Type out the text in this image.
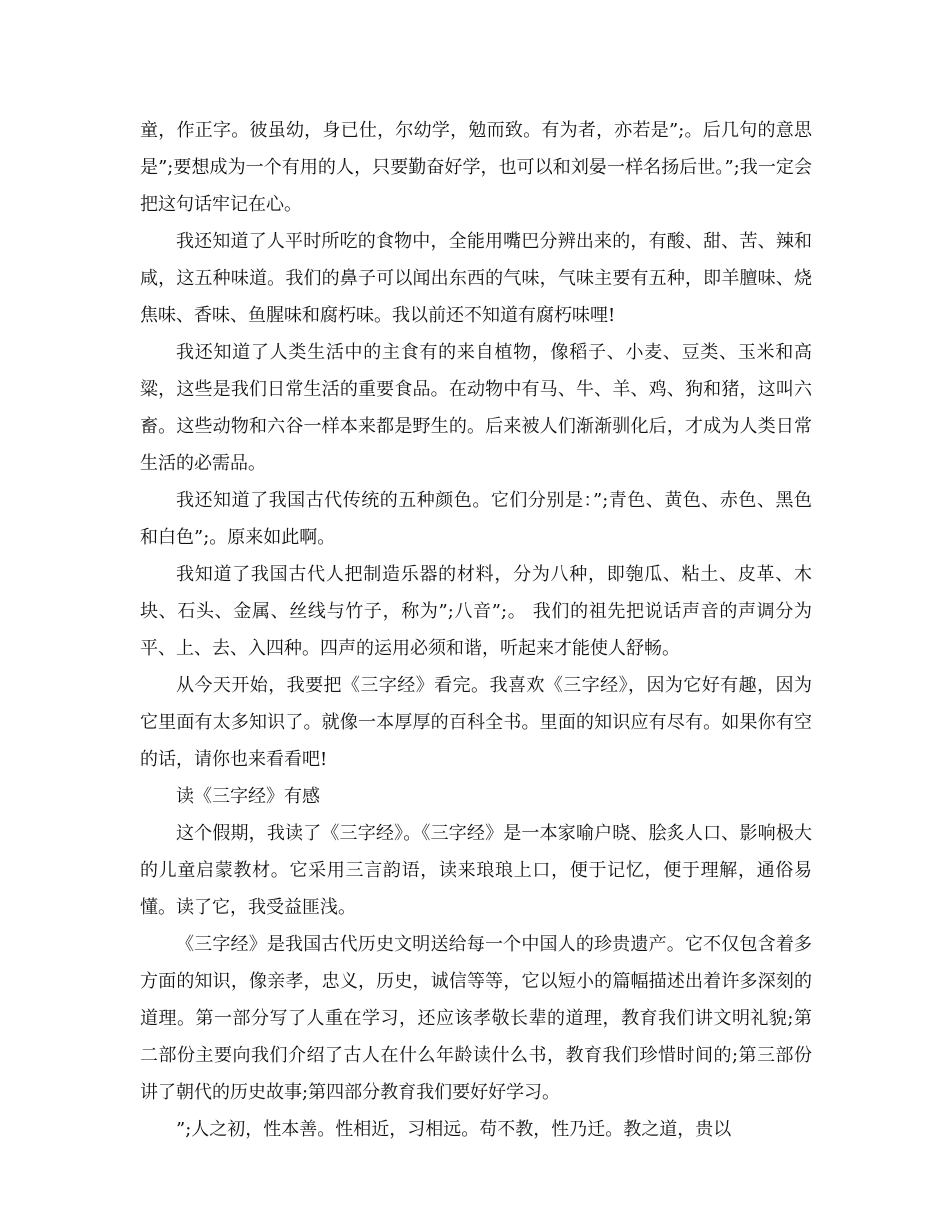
童，作正字。彼虽幼，身已仕，尔幼学，勉而致。有为者，亦若是”;。后几句的意思是”;要想成为一个有用的人，只要勤奋好学，也可以和刘晏一样名扬后世。”;我一定会把这句话牢记在心。

我还知道了人平时所吃的食物中，全能用嘴巴分辨出来的，有酸、甜、苦、辣和咸，这五种味道。我们的鼻子可以闻出东西的气味，气味主要有五种，即羊膻味、烧焦味、香味、鱼腥味和腐朽味。我以前还不知道有腐朽味哩!

我还知道了人类生活中的主食有的来自植物，像稻子、小麦、豆类、玉米和高粱，这些是我们日常生活的重要食品。在动物中有马、牛、羊、鸡、狗和猪，这叫六畜。这些动物和六谷一样本来都是野生的。后来被人们渐渐驯化后，才成为人类日常生活的必需品。

我还知道了我国古代传统的五种颜色。它们分别是：”;青色、黄色、赤色、黑色和白色”;。原来如此啊。

我知道了我国古代人把制造乐器的材料，分为八种，即匏瓜、粘土、皮革、木块、石头、金属、丝线与竹子，称为”;八音”;。 我们的祖先把说话声音的声调分为平、上、去、入四种。四声的运用必须和谐，听起来才能使人舒畅。

从今天开始，我要把《三字经》看完。我喜欢《三字经》，因为它好有趣，因为它里面有太多知识了。就像一本厚厚的百科全书。里面的知识应有尽有。如果你有空的话，请你也来看看吧!

读《三字经》有感

这个假期，我读了《三字经》。《三字经》是一本家喻户晓、脍炙人口、影响极大的儿童启蒙教材。它采用三言韵语，读来琅琅上口，便于记忆，便于理解，通俗易懂。读了它，我受益匪浅。

《三字经》是我国古代历史文明送给每一个中国人的珍贵遗产。它不仅包含着多方面的知识，像亲孝，忠义，历史，诚信等等，它以短小的篇幅描述出着许多深刻的道理。第一部分写了人重在学习，还应该孝敬长辈的道理，教育我们讲文明礼貌;第二部份主要向我们介绍了古人在什么年龄读什么书，教育我们珍惜时间的;第三部份讲了朝代的历史故事;第四部分教育我们要好好学习。

”;人之初，性本善。性相近，习相远。苟不教，性乃迁。教之道，贵以
